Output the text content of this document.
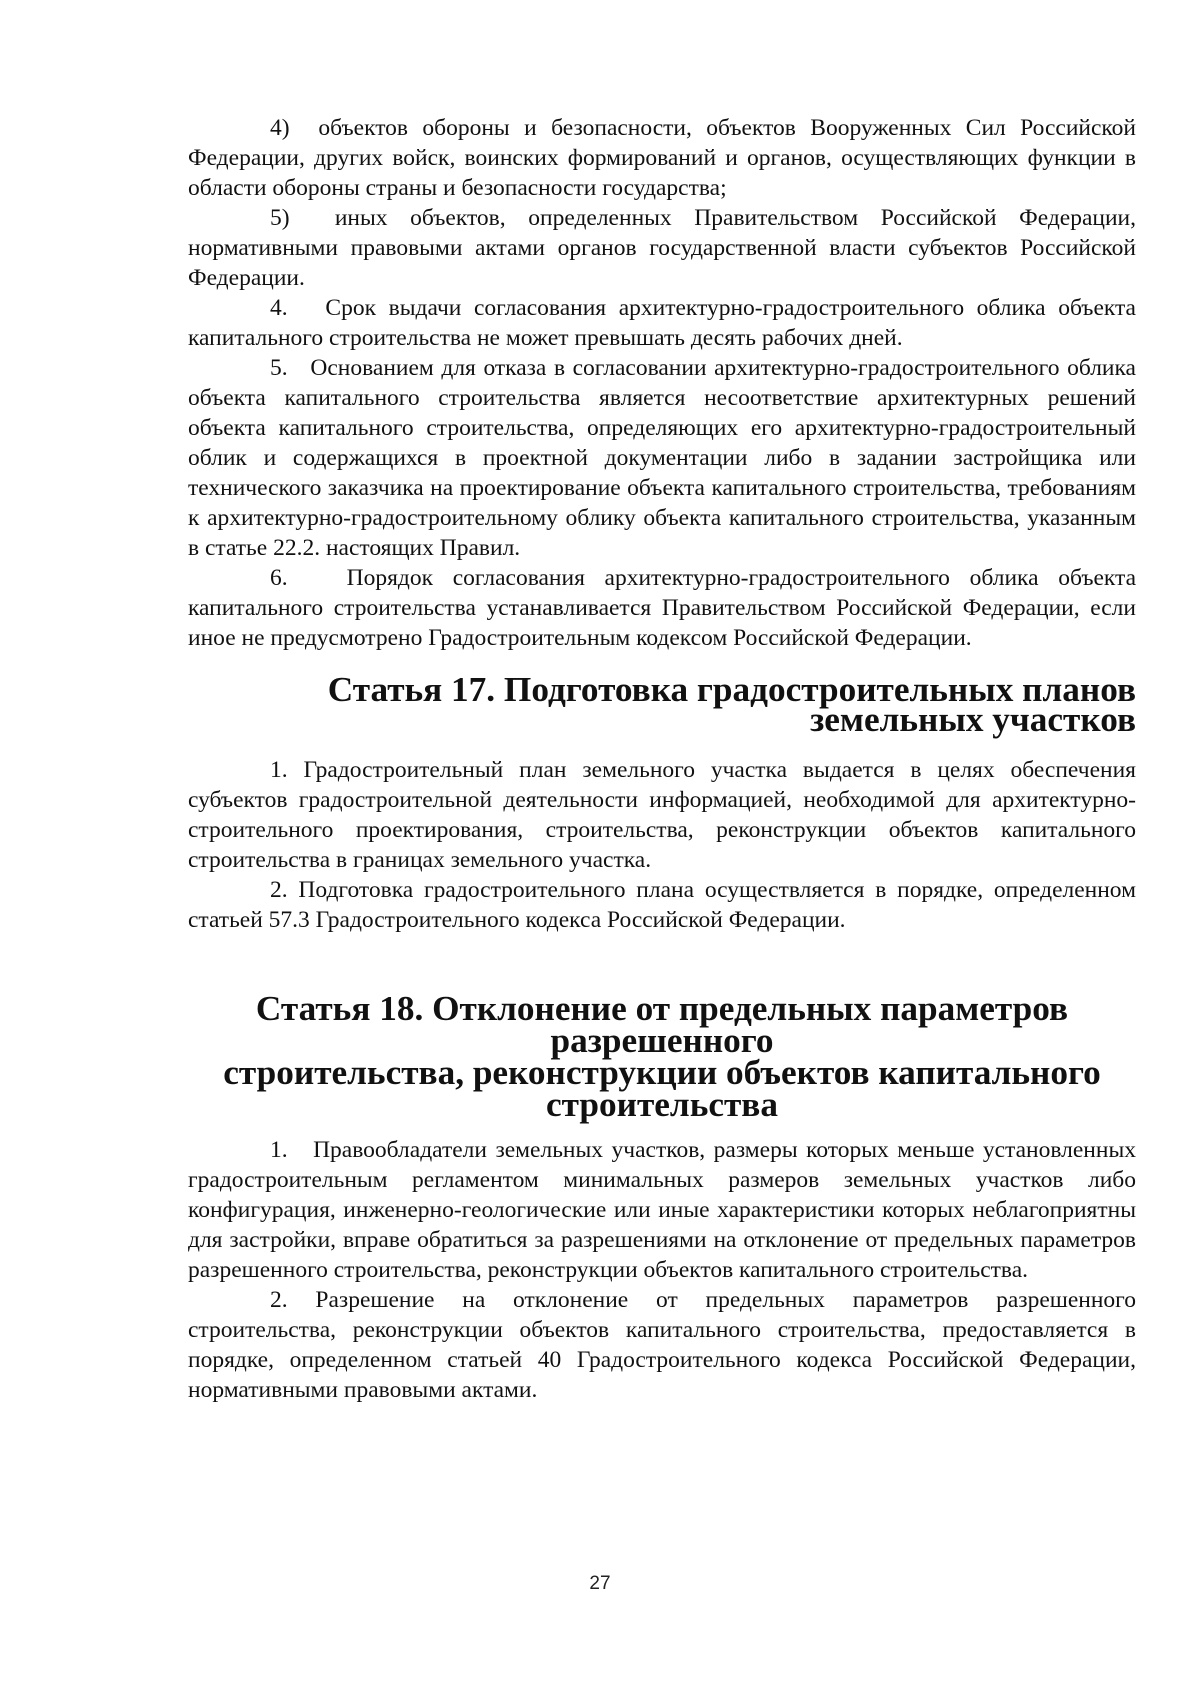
4)  объектов обороны и безопасности, объектов Вооруженных Сил Российской Федерации, других войск, воинских формирований и органов, осуществляющих функции в области обороны страны и безопасности государства;

5)  иных объектов, определенных Правительством Российской Федерации, нормативными правовыми актами органов государственной власти субъектов Российской Федерации.

4.   Срок выдачи согласования архитектурно-градостроительного облика объекта капитального строительства не может превышать десять рабочих дней.

5.   Основанием для отказа в согласовании архитектурно-градостроительного облика объекта капитального строительства является несоответствие архитектурных решений объекта капитального строительства, определяющих его архитектурно-градостроительный облик и содержащихся в проектной документации либо в задании застройщика или технического заказчика на проектирование объекта капитального строительства, требованиям к архитектурно-градостроительному облику объекта капитального строительства, указанным в статье 22.2. настоящих Правил.

6.   Порядок согласования архитектурно-градостроительного облика объекта капитального строительства устанавливается Правительством Российской Федерации, если иное не предусмотрено Градостроительным кодексом Российской Федерации.

Статья 17. Подготовка градостроительных планов земельных участков

1. Градостроительный план земельного участка выдается в целях обеспечения субъектов градостроительной деятельности информацией, необходимой для архитектурно-строительного проектирования, строительства, реконструкции объектов капитального строительства в границах земельного участка.

2. Подготовка градостроительного плана осуществляется в порядке, определенном статьей 57.3 Градостроительного кодекса Российской Федерации.

Статья 18. Отклонение от предельных параметров разрешенного
строительства, реконструкции объектов капитального строительства

1.   Правообладатели земельных участков, размеры которых меньше установленных градостроительным регламентом минимальных размеров земельных участков либо конфигурация, инженерно-геологические или иные характеристики которых неблагоприятны для застройки, вправе обратиться за разрешениями на отклонение от предельных параметров разрешенного строительства, реконструкции объектов капитального строительства.

2. Разрешение на отклонение от предельных параметров разрешенного строительства, реконструкции объектов капитального строительства, предоставляется в порядке, определенном статьей 40 Градостроительного кодекса Российской Федерации, нормативными правовыми актами.

27
